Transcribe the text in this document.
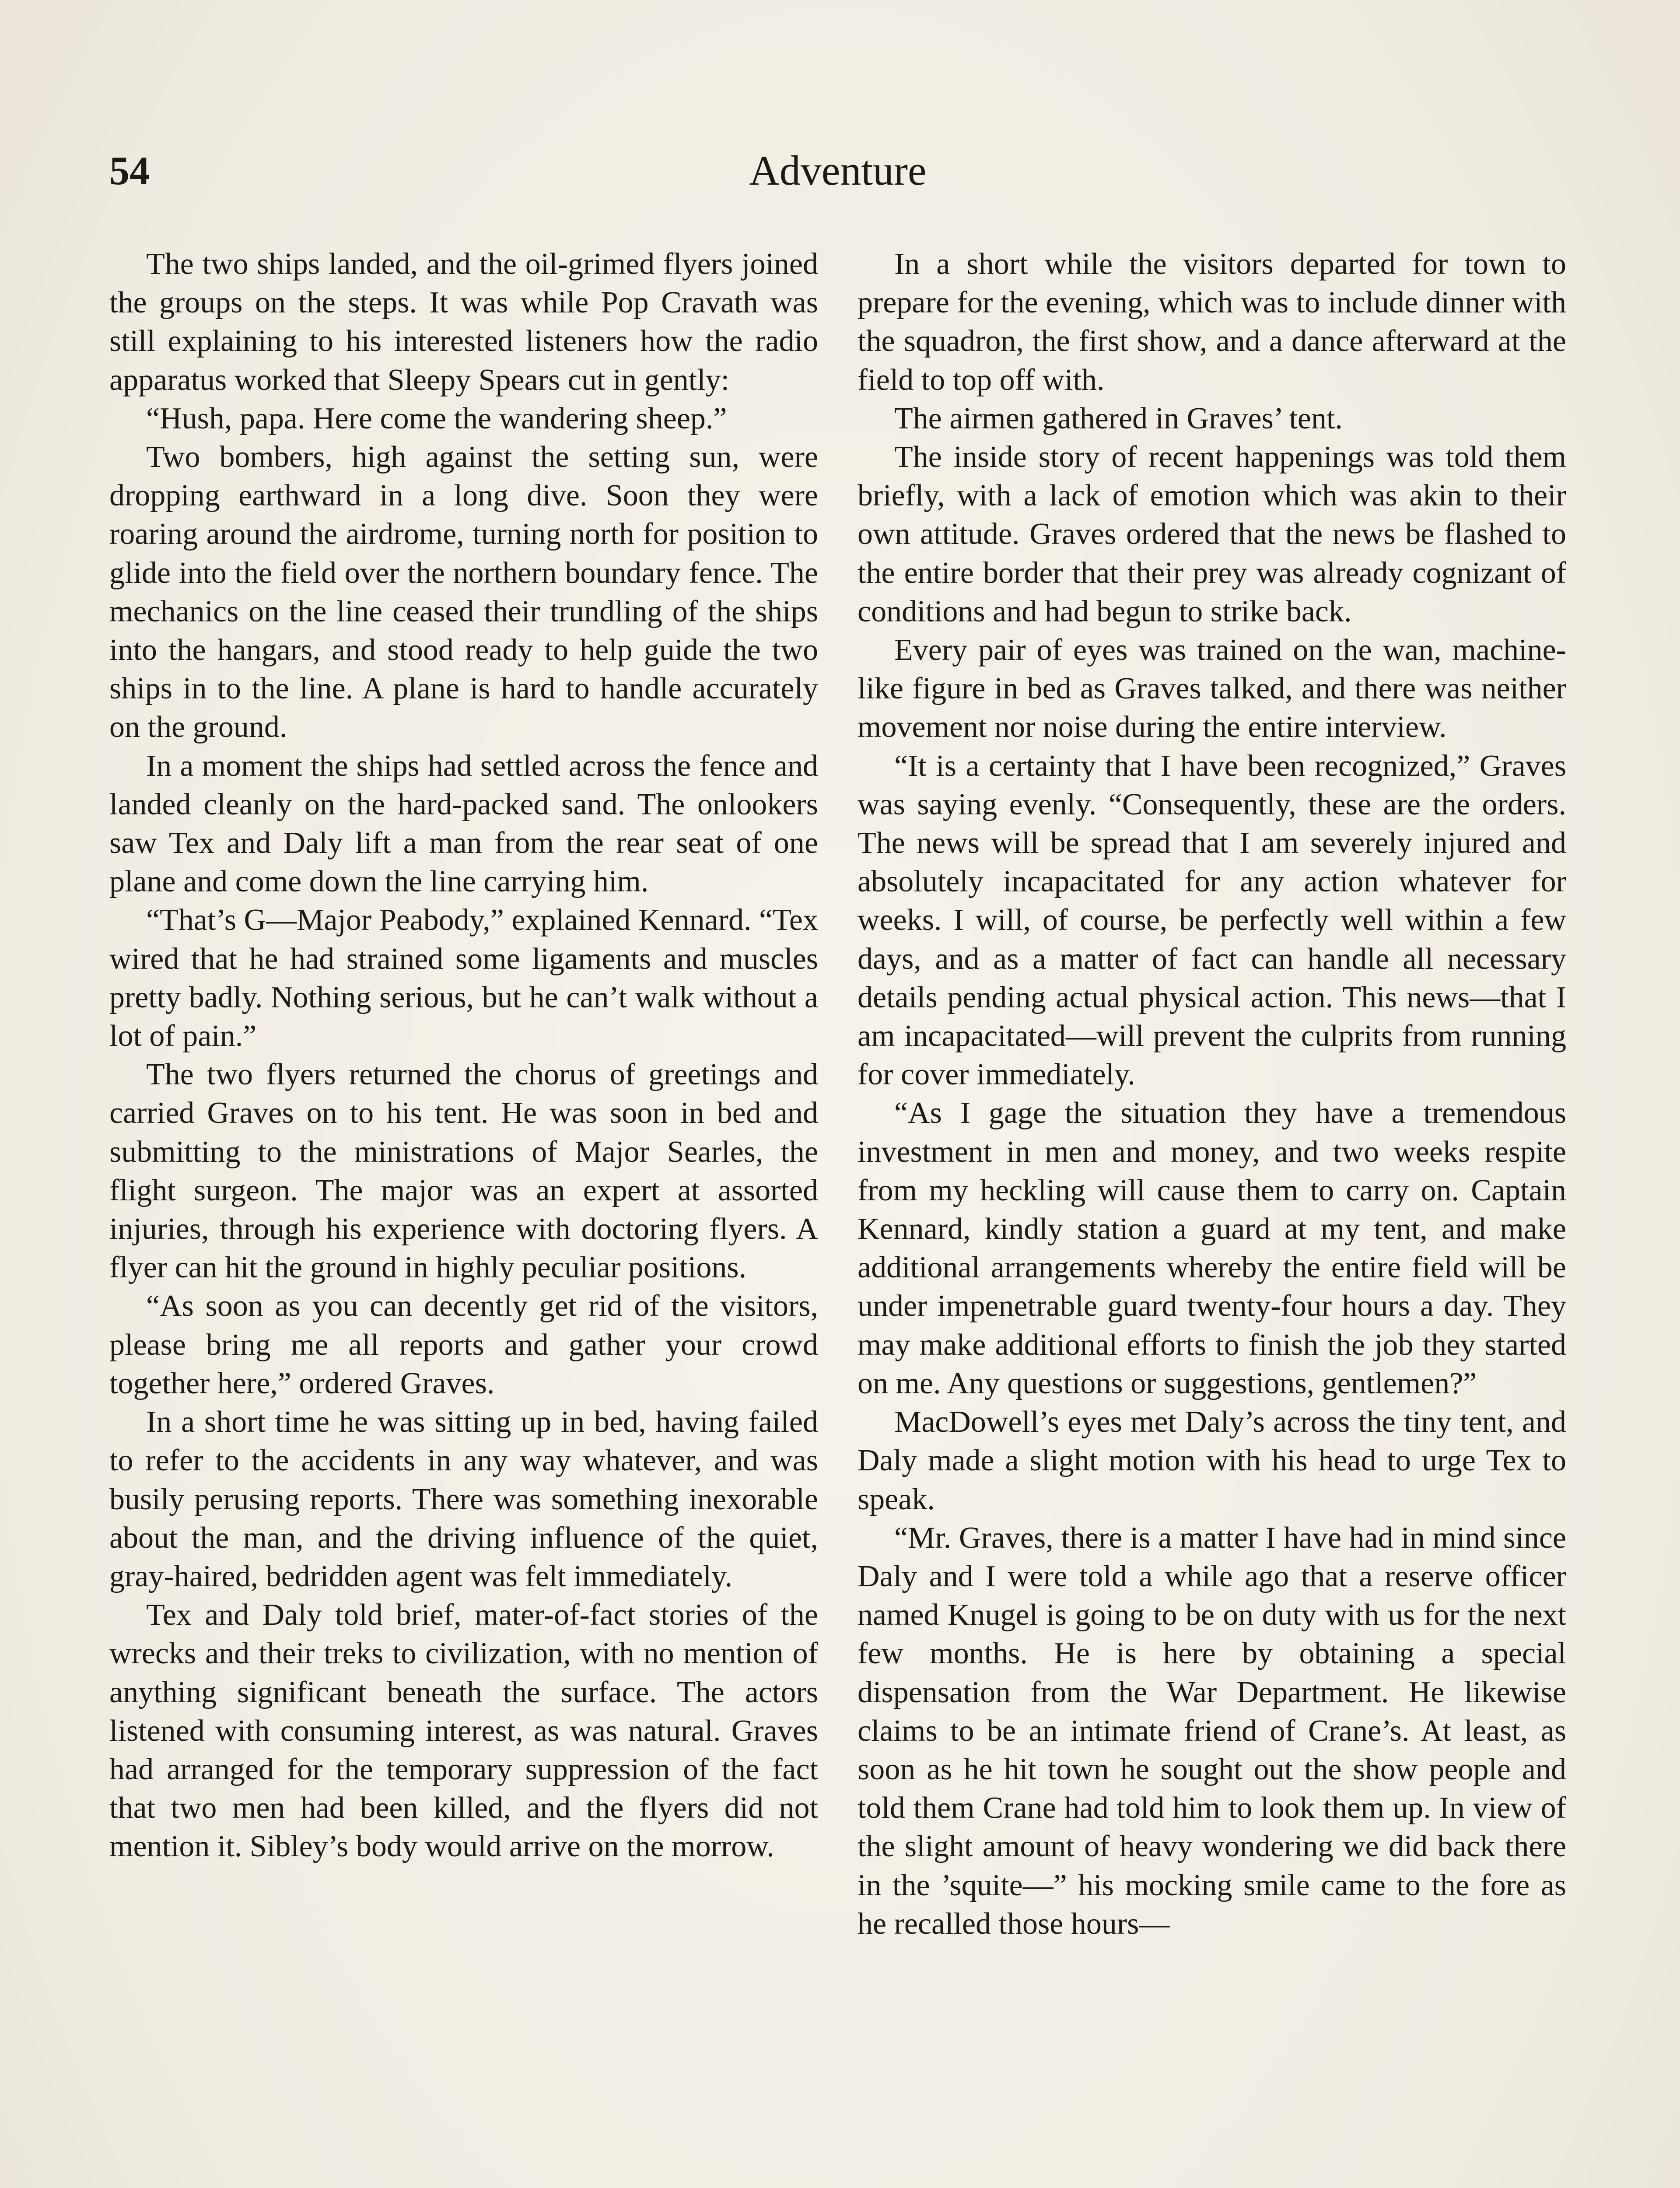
54	Adventure

The two ships landed, and the oil-grimed flyers joined the groups on the steps. It was while Pop Cravath was still explaining to his interested listeners how the radio apparatus worked that Sleepy Spears cut in gently:

“Hush, papa. Here come the wandering sheep.”

Two bombers, high against the setting sun, were dropping earthward in a long dive. Soon they were roaring around the airdrome, turning north for position to glide into the field over the northern boundary fence. The mechanics on the line ceased their trundling of the ships into the hangars, and stood ready to help guide the two ships in to the line. A plane is hard to handle accurately on the ground.

In a moment the ships had settled across the fence and landed cleanly on the hard-packed sand. The onlookers saw Tex and Daly lift a man from the rear seat of one plane and come down the line carrying him.

“That’s G—Major Peabody,” explained Kennard. “Tex wired that he had strained some ligaments and muscles pretty badly. Nothing serious, but he can’t walk without a lot of pain.”

The two flyers returned the chorus of greetings and carried Graves on to his tent. He was soon in bed and submitting to the ministrations of Major Searles, the flight surgeon. The major was an expert at assorted injuries, through his experience with doctoring flyers. A flyer can hit the ground in highly peculiar positions.

“As soon as you can decently get rid of the visitors, please bring me all reports and gather your crowd together here,” ordered Graves.

In a short time he was sitting up in bed, having failed to refer to the accidents in any way whatever, and was busily perusing reports. There was something inexorable about the man, and the driving influence of the quiet, gray-haired, bedridden agent was felt immediately.

Tex and Daly told brief, mater-of-fact stories of the wrecks and their treks to civilization, with no mention of anything significant beneath the surface. The actors listened with consuming interest, as was natural. Graves had arranged for the temporary suppression of the fact that two men had been killed, and the flyers did not mention it. Sibley’s body would arrive on the morrow.

In a short while the visitors departed for town to prepare for the evening, which was to include dinner with the squadron, the first show, and a dance afterward at the field to top off with.

The airmen gathered in Graves’ tent.

The inside story of recent happenings was told them briefly, with a lack of emotion which was akin to their own attitude. Graves ordered that the news be flashed to the entire border that their prey was already cognizant of conditions and had begun to strike back.

Every pair of eyes was trained on the wan, machine-like figure in bed as Graves talked, and there was neither movement nor noise during the entire interview.

“It is a certainty that I have been recognized,” Graves was saying evenly. “Consequently, these are the orders. The news will be spread that I am severely injured and absolutely incapacitated for any action whatever for weeks. I will, of course, be perfectly well within a few days, and as a matter of fact can handle all necessary details pending actual physical action. This news—that I am incapacitated—will prevent the culprits from running for cover immediately.

“As I gage the situation they have a tremendous investment in men and money, and two weeks respite from my heckling will cause them to carry on. Captain Kennard, kindly station a guard at my tent, and make additional arrangements whereby the entire field will be under impenetrable guard twenty-four hours a day. They may make additional efforts to finish the job they started on me. Any questions or suggestions, gentlemen?”

MacDowell’s eyes met Daly’s across the tiny tent, and Daly made a slight motion with his head to urge Tex to speak.

“Mr. Graves, there is a matter I have had in mind since Daly and I were told a while ago that a reserve officer named Knugel is going to be on duty with us for the next few months. He is here by obtaining a special dispensation from the War Department. He likewise claims to be an intimate friend of Crane’s. At least, as soon as he hit town he sought out the show people and told them Crane had told him to look them up. In view of the slight amount of heavy wondering we did back there in the ’squite—” his mocking smile came to the fore as he recalled those hours—
